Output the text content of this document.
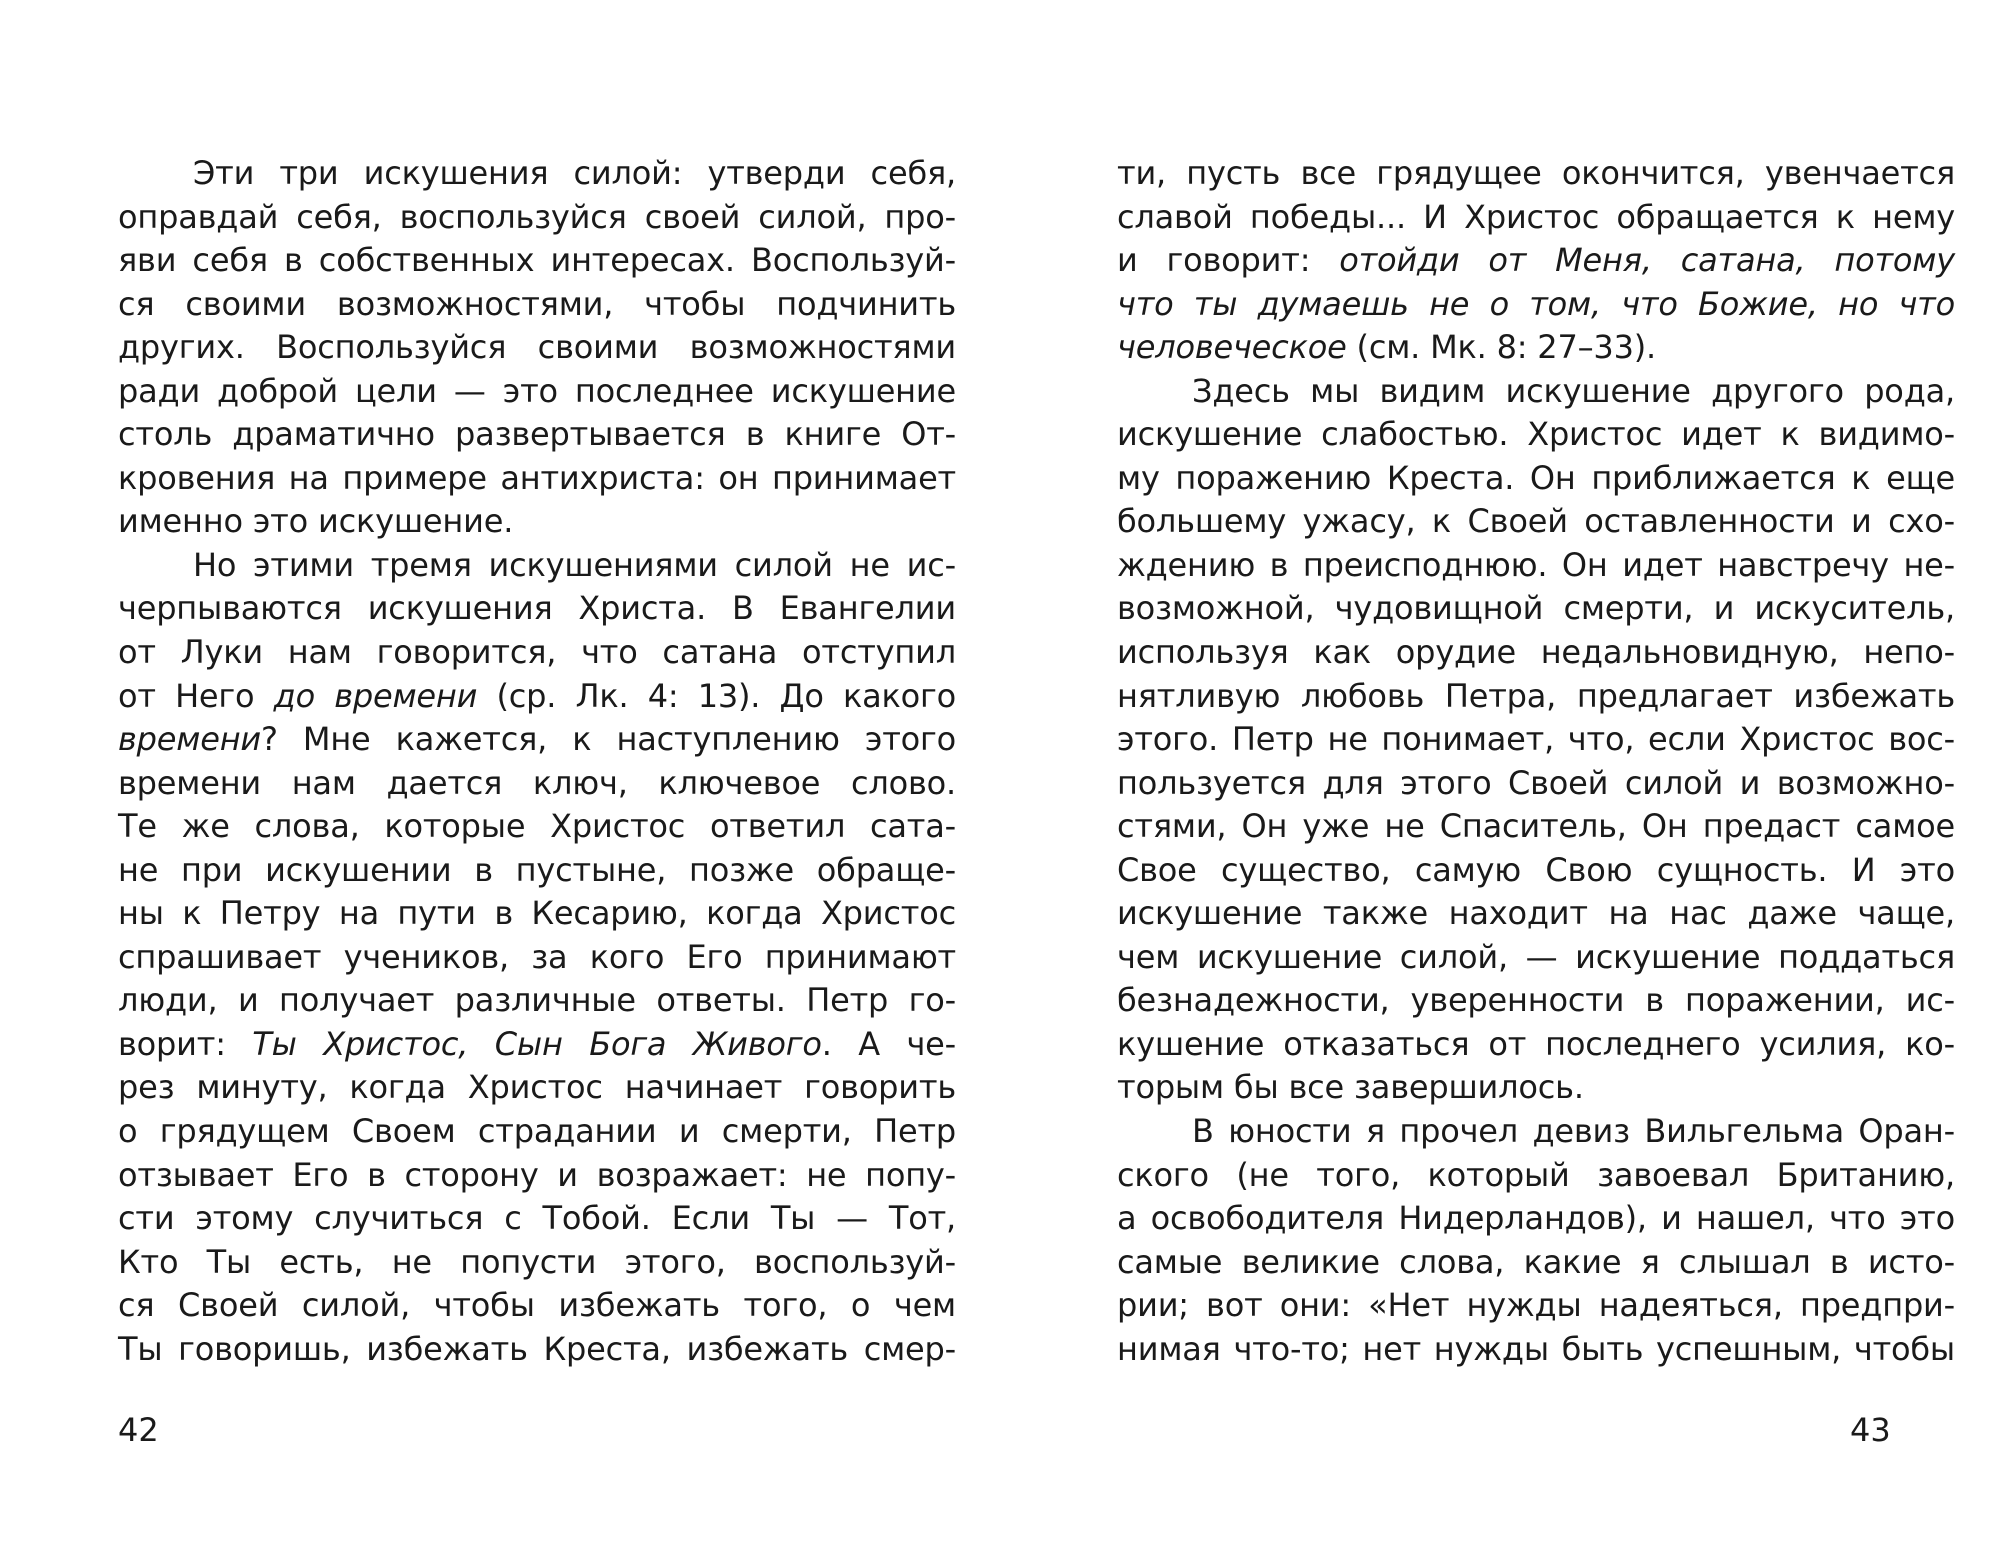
Эти три искушения силой: утверди себя,
оправдай себя, воспользуйся своей силой, про-
яви себя в собственных интересах. Воспользуй-
ся своими возможностями, чтобы подчинить
других. Воспользуйся своими возможностями
ради доброй цели — это последнее искушение
столь драматично развертывается в книге От-
кровения на примере антихриста: он принимает
именно это искушение.
Но этими тремя искушениями силой не ис-
черпываются искушения Христа. В Евангелии
от Луки нам говорится, что сатана отступил
от Него до времени (ср. Лк. 4: 13). До какого
времени? Мне кажется, к наступлению этого
времени нам дается ключ, ключевое слово.
Те же слова, которые Христос ответил сата-
не при искушении в пустыне, позже обраще-
ны к Петру на пути в Кесарию, когда Христос
спрашивает учеников, за кого Его принимают
люди, и получает различные ответы. Петр го-
ворит: Ты Христос, Сын Бога Живого. А че-
рез минуту, когда Христос начинает говорить
о грядущем Своем страдании и смерти, Петр
отзывает Его в сторону и возражает: не попу-
сти этому случиться с Тобой. Если Ты — Тот,
Кто Ты есть, не попусти этого, воспользуй-
ся Своей силой, чтобы избежать того, о чем
Ты говоришь, избежать Креста, избежать смер-
ти, пусть все грядущее окончится, увенчается
славой победы... И Христос обращается к нему
и говорит: отойди от Меня, сатана, потому
что ты думаешь не о том, что Божие, но что
человеческое (см. Мк. 8: 27–33).
Здесь мы видим искушение другого рода,
искушение слабостью. Христос идет к видимо-
му поражению Креста. Он приближается к еще
большему ужасу, к Своей оставленности и схо-
ждению в преисподнюю. Он идет навстречу не-
возможной, чудовищной смерти, и искуситель,
используя как орудие недальновидную, непо-
нятливую любовь Петра, предлагает избежать
этого. Петр не понимает, что, если Христос вос-
пользуется для этого Своей силой и возможно-
стями, Он уже не Спаситель, Он предаст самое
Свое существо, самую Свою сущность. И это
искушение также находит на нас даже чаще,
чем искушение силой, — искушение поддаться
безнадежности, уверенности в поражении, ис-
кушение отказаться от последнего усилия, ко-
торым бы все завершилось.
В юности я прочел девиз Вильгельма Оран-
ского (не того, который завоевал Британию,
а освободителя Нидерландов), и нашел, что это
самые великие слова, какие я слышал в исто-
рии; вот они: «Нет нужды надеяться, предпри-
нимая что-то; нет нужды быть успешным, чтобы
42	43
